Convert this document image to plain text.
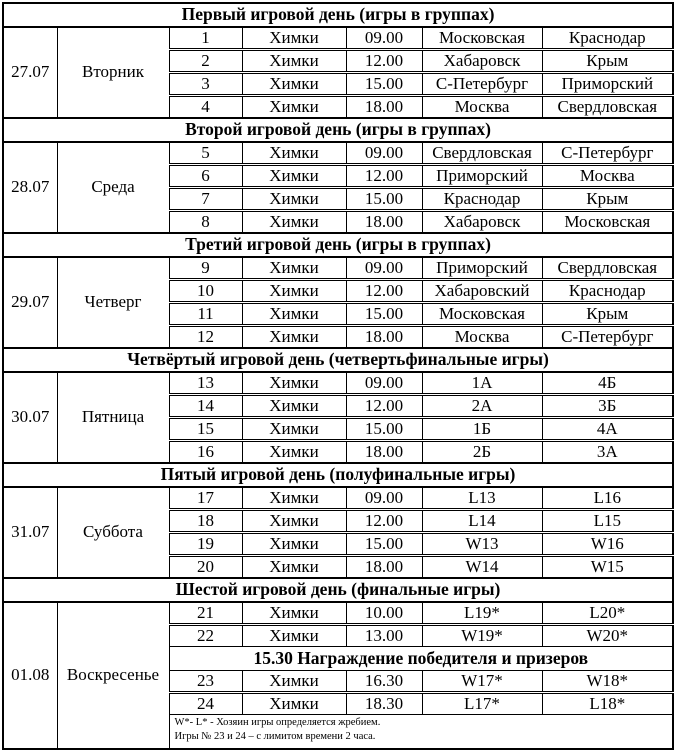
Первый игровой день (игры в группах)						
27.07	Вторник	1	Химки	09.00	Московская	Краснодар
		2	Химки	12.00	Хабаровск	Крым
		3	Химки	15.00	С-Петербург	Приморский
		4	Химки	18.00	Москва	Свердловская
Второй игровой день (игры в группах)						
28.07	Среда	5	Химки	09.00	Свердловская	С-Петербург
		6	Химки	12.00	Приморский	Москва
		7	Химки	15.00	Краснодар	Крым
		8	Химки	18.00	Хабаровск	Московская
Третий игровой день (игры в группах)						
29.07	Четверг	9	Химки	09.00	Приморский	Свердловская
		10	Химки	12.00	Хабаровский	Краснодар
		11	Химки	15.00	Московская	Крым
		12	Химки	18.00	Москва	С-Петербург
Четвёртый игровой день (четвертьфинальные игры)						
30.07	Пятница	13	Химки	09.00	1А	4Б
		14	Химки	12.00	2А	3Б
		15	Химки	15.00	1Б	4А
		16	Химки	18.00	2Б	3А
Пятый игровой день (полуфинальные игры)						
31.07	Суббота	17	Химки	09.00	L13	L16
		18	Химки	12.00	L14	L15
		19	Химки	15.00	W13	W16
		20	Химки	18.00	W14	W15
Шестой игровой день (финальные игры)						
01.08	Воскресенье	21	Химки	10.00	L19*	L20*
		22	Химки	13.00	W19*	W20*
		15.30 Награждение победителя и призеров				
		23	Химки	16.30	W17*	W18*
		24	Химки	18.30	L17*	L18*

		W*- L* - Хозяин игры определяется жребием.
Игры № 23 и 24 – с лимитом времени 2 часа.				
